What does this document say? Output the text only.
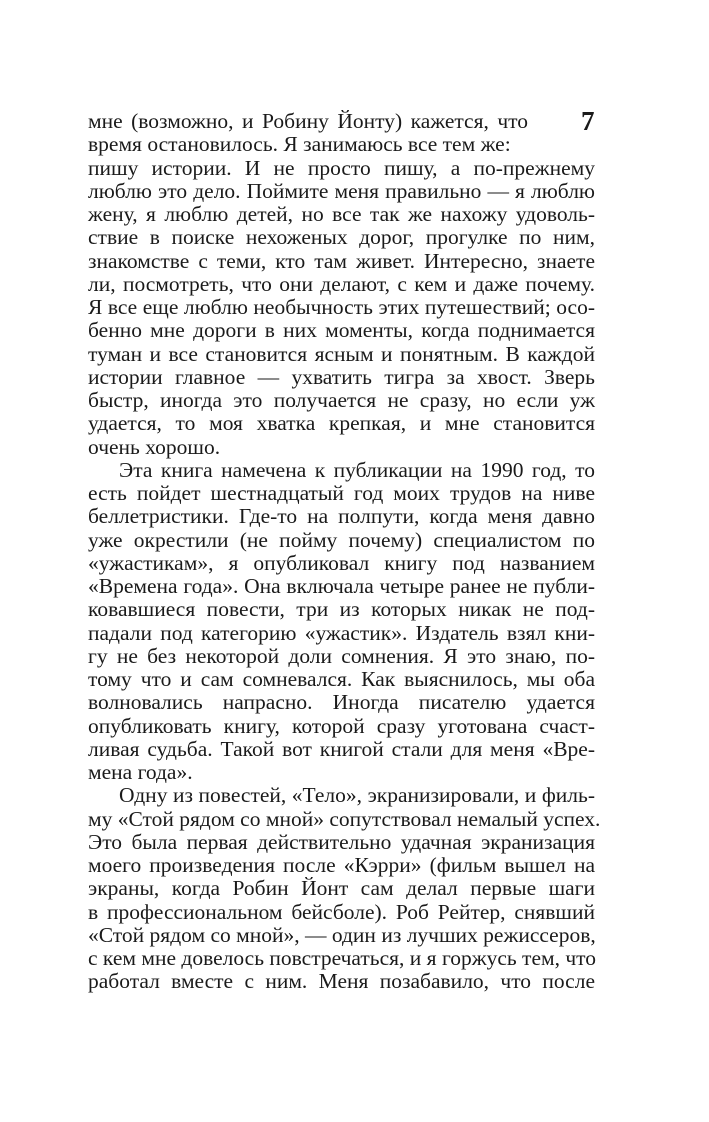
7
мне (возможно, и Робину Йонту) кажется, что
время остановилось. Я занимаюсь все тем же:
пишу истории. И не просто пишу, а по-прежнему
люблю это дело. Поймите меня правильно — я люблю
жену, я люблю детей, но все так же нахожу удоволь-
ствие в поиске нехоженых дорог, прогулке по ним,
знакомстве с теми, кто там живет. Интересно, знаете
ли, посмотреть, что они делают, с кем и даже почему.
Я все еще люблю необычность этих путешествий; осо-
бенно мне дороги в них моменты, когда поднимается
туман и все становится ясным и понятным. В каждой
истории главное — ухватить тигра за хвост. Зверь
быстр, иногда это получается не сразу, но если уж
удается, то моя хватка крепкая, и мне становится
очень хорошо.
Эта книга намечена к публикации на 1990 год, то
есть пойдет шестнадцатый год моих трудов на ниве
беллетристики. Где-то на полпути, когда меня давно
уже окрестили (не пойму почему) специалистом по
«ужастикам», я опубликовал книгу под названием
«Времена года». Она включала четыре ранее не публи-
ковавшиеся повести, три из которых никак не под-
падали под категорию «ужастик». Издатель взял кни-
гу не без некоторой доли сомнения. Я это знаю, по-
тому что и сам сомневался. Как выяснилось, мы оба
волновались напрасно. Иногда писателю удается
опубликовать книгу, которой сразу уготована счаст-
ливая судьба. Такой вот книгой стали для меня «Вре-
мена года».
Одну из повестей, «Тело», экранизировали, и филь-
му «Стой рядом со мной» сопутствовал немалый успех.
Это была первая действительно удачная экранизация
моего произведения после «Кэрри» (фильм вышел на
экраны, когда Робин Йонт сам делал первые шаги
в профессиональном бейсболе). Роб Рейтер, снявший
«Стой рядом со мной», — один из лучших режиссеров,
с кем мне довелось повстречаться, и я горжусь тем, что
работал вместе с ним. Меня позабавило, что после
